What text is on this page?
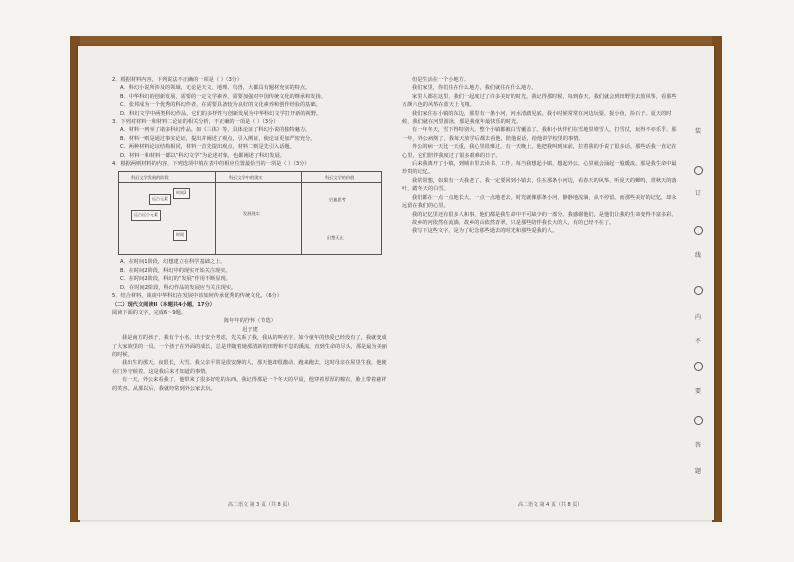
2．根据材料内容，下列说法不正确的一项是（ ）（3分）
A．科幻小说所涉及的领域，无论是天文、地理、鸟兽，大都具有题材充实的特点。
B．中华科幻的创新发展，需要的一定文学素养，需要加强对中国传统文化的继承和发扬。
C．张邦成为一个优秀的科幻作者，在需要具备较为良好的文化素养和创作经验的基础。
D．科幻文学中两类科幻作品，它们的多样性与创新发展为中华科幻文学打开新的视野。
3．下列对材料一和材料二论证的相关分析，不正确的一项是（ ）（3分）
A．材料一列举了诸多科幻作品，如《三体》等，具体论证了科幻小说的独特魅力。
B．材料一则是通过事实论证，提出并阐述了观点，引入例证，使论证更加严密充分。
C．两种材料论证结构相同，材料一首先提出观点，材料二则是先引入话题。
D．材料一和材料一都以“科幻文学”为论述对象，也都阐述了科幻发展。
4．根据两则材料的内容，下列选项中填在表中的相应位置最恰当的一项是（ ）（3分）
科幻文学发展的阶段
远古元素
时间2
远古远小元素
时间
科幻文学中的现实
发展现实
科幻文学的价值
启迪思考
幻想无止
A．在时间1阶段，幻想建立在科学基础之上。
B．在时间2阶段，科幻中的现实开始关注现实。
C．在时间2阶段，科幻的“发展”作用不断显现。
D．在时间2阶段，科幻作品的发展应当关注现实。
5．结合材料，谈谈中华科幻在发展中该如何传承优秀的传统文化。（6分）
（二）现代文阅读II（本题共4小题，17分）
阅读下面的文字，完成6～9题。
陈年年的抒怀（节选）
迟子建

我是南方的孩子，我有个小名。出于安全考虑，先关系了我，我从的叫名字，如今童年的热爱已经没有了，我就变成了大家族里的一员。一个孩子在外面的成长，总是伴随着她那清新的田野和不息的溪流，直到生命的尽头，那是最为美丽的时候。

我出生的那天，夜很长，大雪。我父亲平常是很安静的人，那天他却很激动，跑来跑去，这时母亲在屋里生我，他便在门外守候着，这是我后来才知道的事情。

有一天，外公来看我了，他带来了很多好吃的东西。我记得那是一个冬天的早晨，他穿着厚厚的棉衣，脸上带着慈祥的笑容。从那以后，我就经常到外公家去玩。

但是生活在一个小地方。

我们家里，你们住在什么地方，我们就住在什么地方。

家里人都在这里，我们一起度过了许多美好的时光。我记得那时候，每到春天，我们就会到田野里去放风筝，看那些五颜六色的风筝在蓝天上飞翔。

我们家住在小镇的东边，那里有一条小河，河水清澈见底。我小时候常常在河边玩耍，捉小鱼，捡石子。夏天的时候，我们就在河里游泳，那是我童年最快乐的时光。

有一年冬天，雪下得特别大，整个小镇都被白雪覆盖了。我和小伙伴们在雪地里堆雪人，打雪仗，玩得不亦乐乎。那一年，外公病倒了，我每天放学后都去看他，陪他说话，给他讲学校里的事情。

外公的病一天比一天重，我心里很难过。有一天晚上，他把我叫到床前，拉着我的手说了很多话。那些话我一直记在心里，它们陪伴我度过了很多艰难的日子。

后来我离开了小镇，到城市里去读书、工作。每当我想起小镇，想起外公，心里就会涌起一股暖流。那是我生命中最珍贵的记忆。

我常常想，如果有一天我老了，我一定要回到小镇去，住在那条小河边，看春天的风筝，听夏天的蝉鸣，赏秋天的落叶，踏冬天的白雪。

我们都在一点一点地长大，一点一点地老去。时光就像那条小河，静静地流淌，从不停留。而那些美好的记忆，却永远留在我们的心里。

我的记忆里还有很多人和事，他们都是我生命中不可缺少的一部分。我感谢他们，是他们让我的生命变得丰富多彩。

故乡的河依然在流淌，故乡的山依然青翠，只是那些陪伴我长大的人，有的已经不在了。

我写下这些文字，是为了纪念那些逝去的时光和那些爱我的人。

高二语文 第 3 页（共 8 页）	高二语文 第 4 页（共 8 页）
装
订
线
内
不
要
答
题
